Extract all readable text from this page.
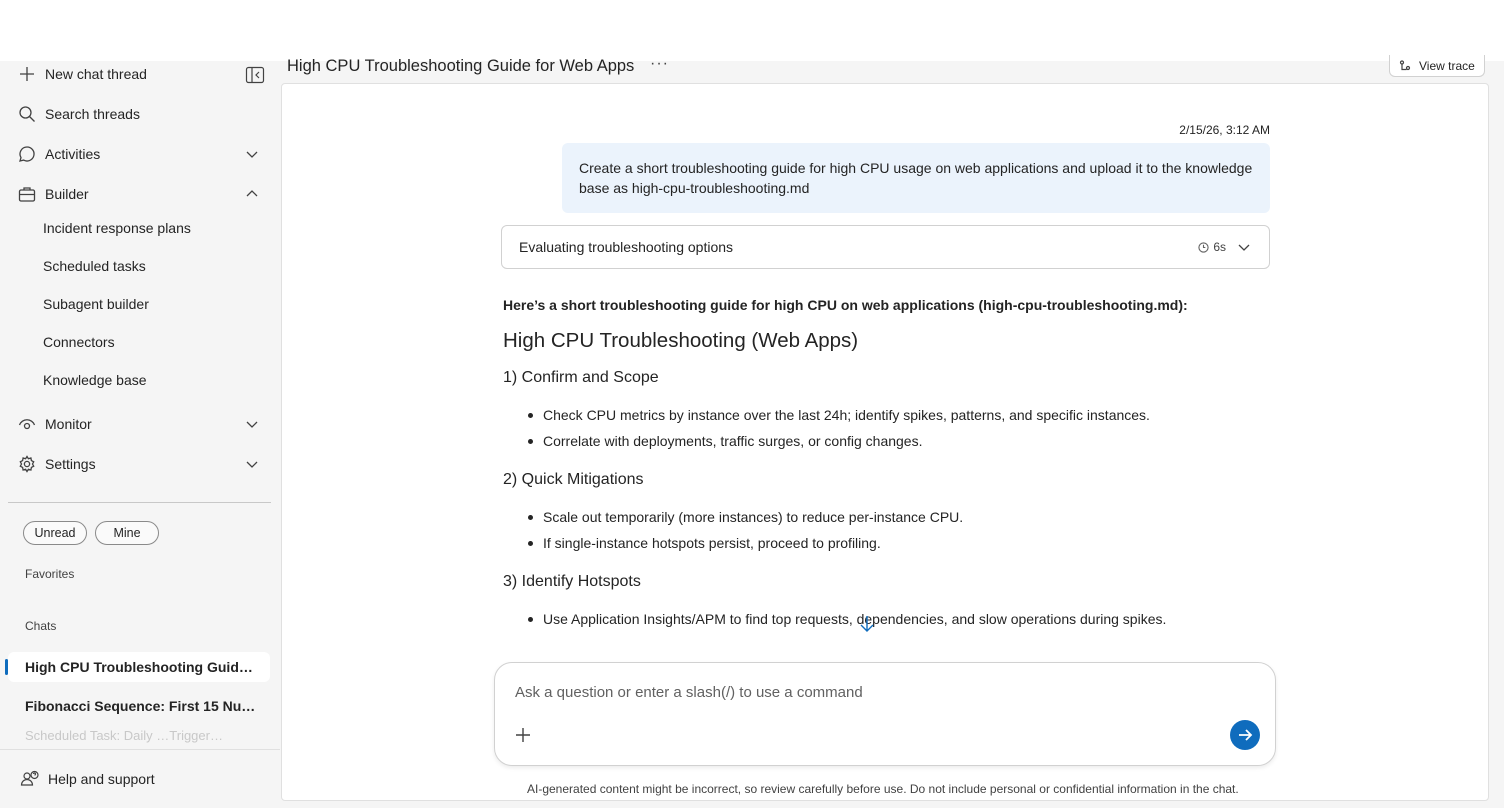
New chat thread
Search threads
Activities
Builder
Incident response plans
Scheduled tasks
Subagent builder
Connectors
Knowledge base
Monitor
Settings
Unread	Mine
Favorites
Chats
High CPU Troubleshooting Guid…
Fibonacci Sequence: First 15 Nu…
Scheduled Task: Daily …Trigger…
Help and support
High CPU Troubleshooting Guide for Web Apps ···	View trace
2/15/26, 3:12 AM
Create a short troubleshooting guide for high CPU usage on web applications and upload it to the knowledge base as high-cpu-troubleshooting.md
Evaluating troubleshooting options	6s
Here’s a short troubleshooting guide for high CPU on web applications (high-cpu-troubleshooting.md):
High CPU Troubleshooting (Web Apps)
1) Confirm and Scope
Check CPU metrics by instance over the last 24h; identify spikes, patterns, and specific instances.
Correlate with deployments, traffic surges, or config changes.
2) Quick Mitigations
Scale out temporarily (more instances) to reduce per-instance CPU.
If single-instance hotspots persist, proceed to profiling.
3) Identify Hotspots
Use Application Insights/APM to find top requests, dependencies, and slow operations during spikes.
Ask a question or enter a slash(/) to use a command
AI-generated content might be incorrect, so review carefully before use. Do not include personal or confidential information in the chat.
